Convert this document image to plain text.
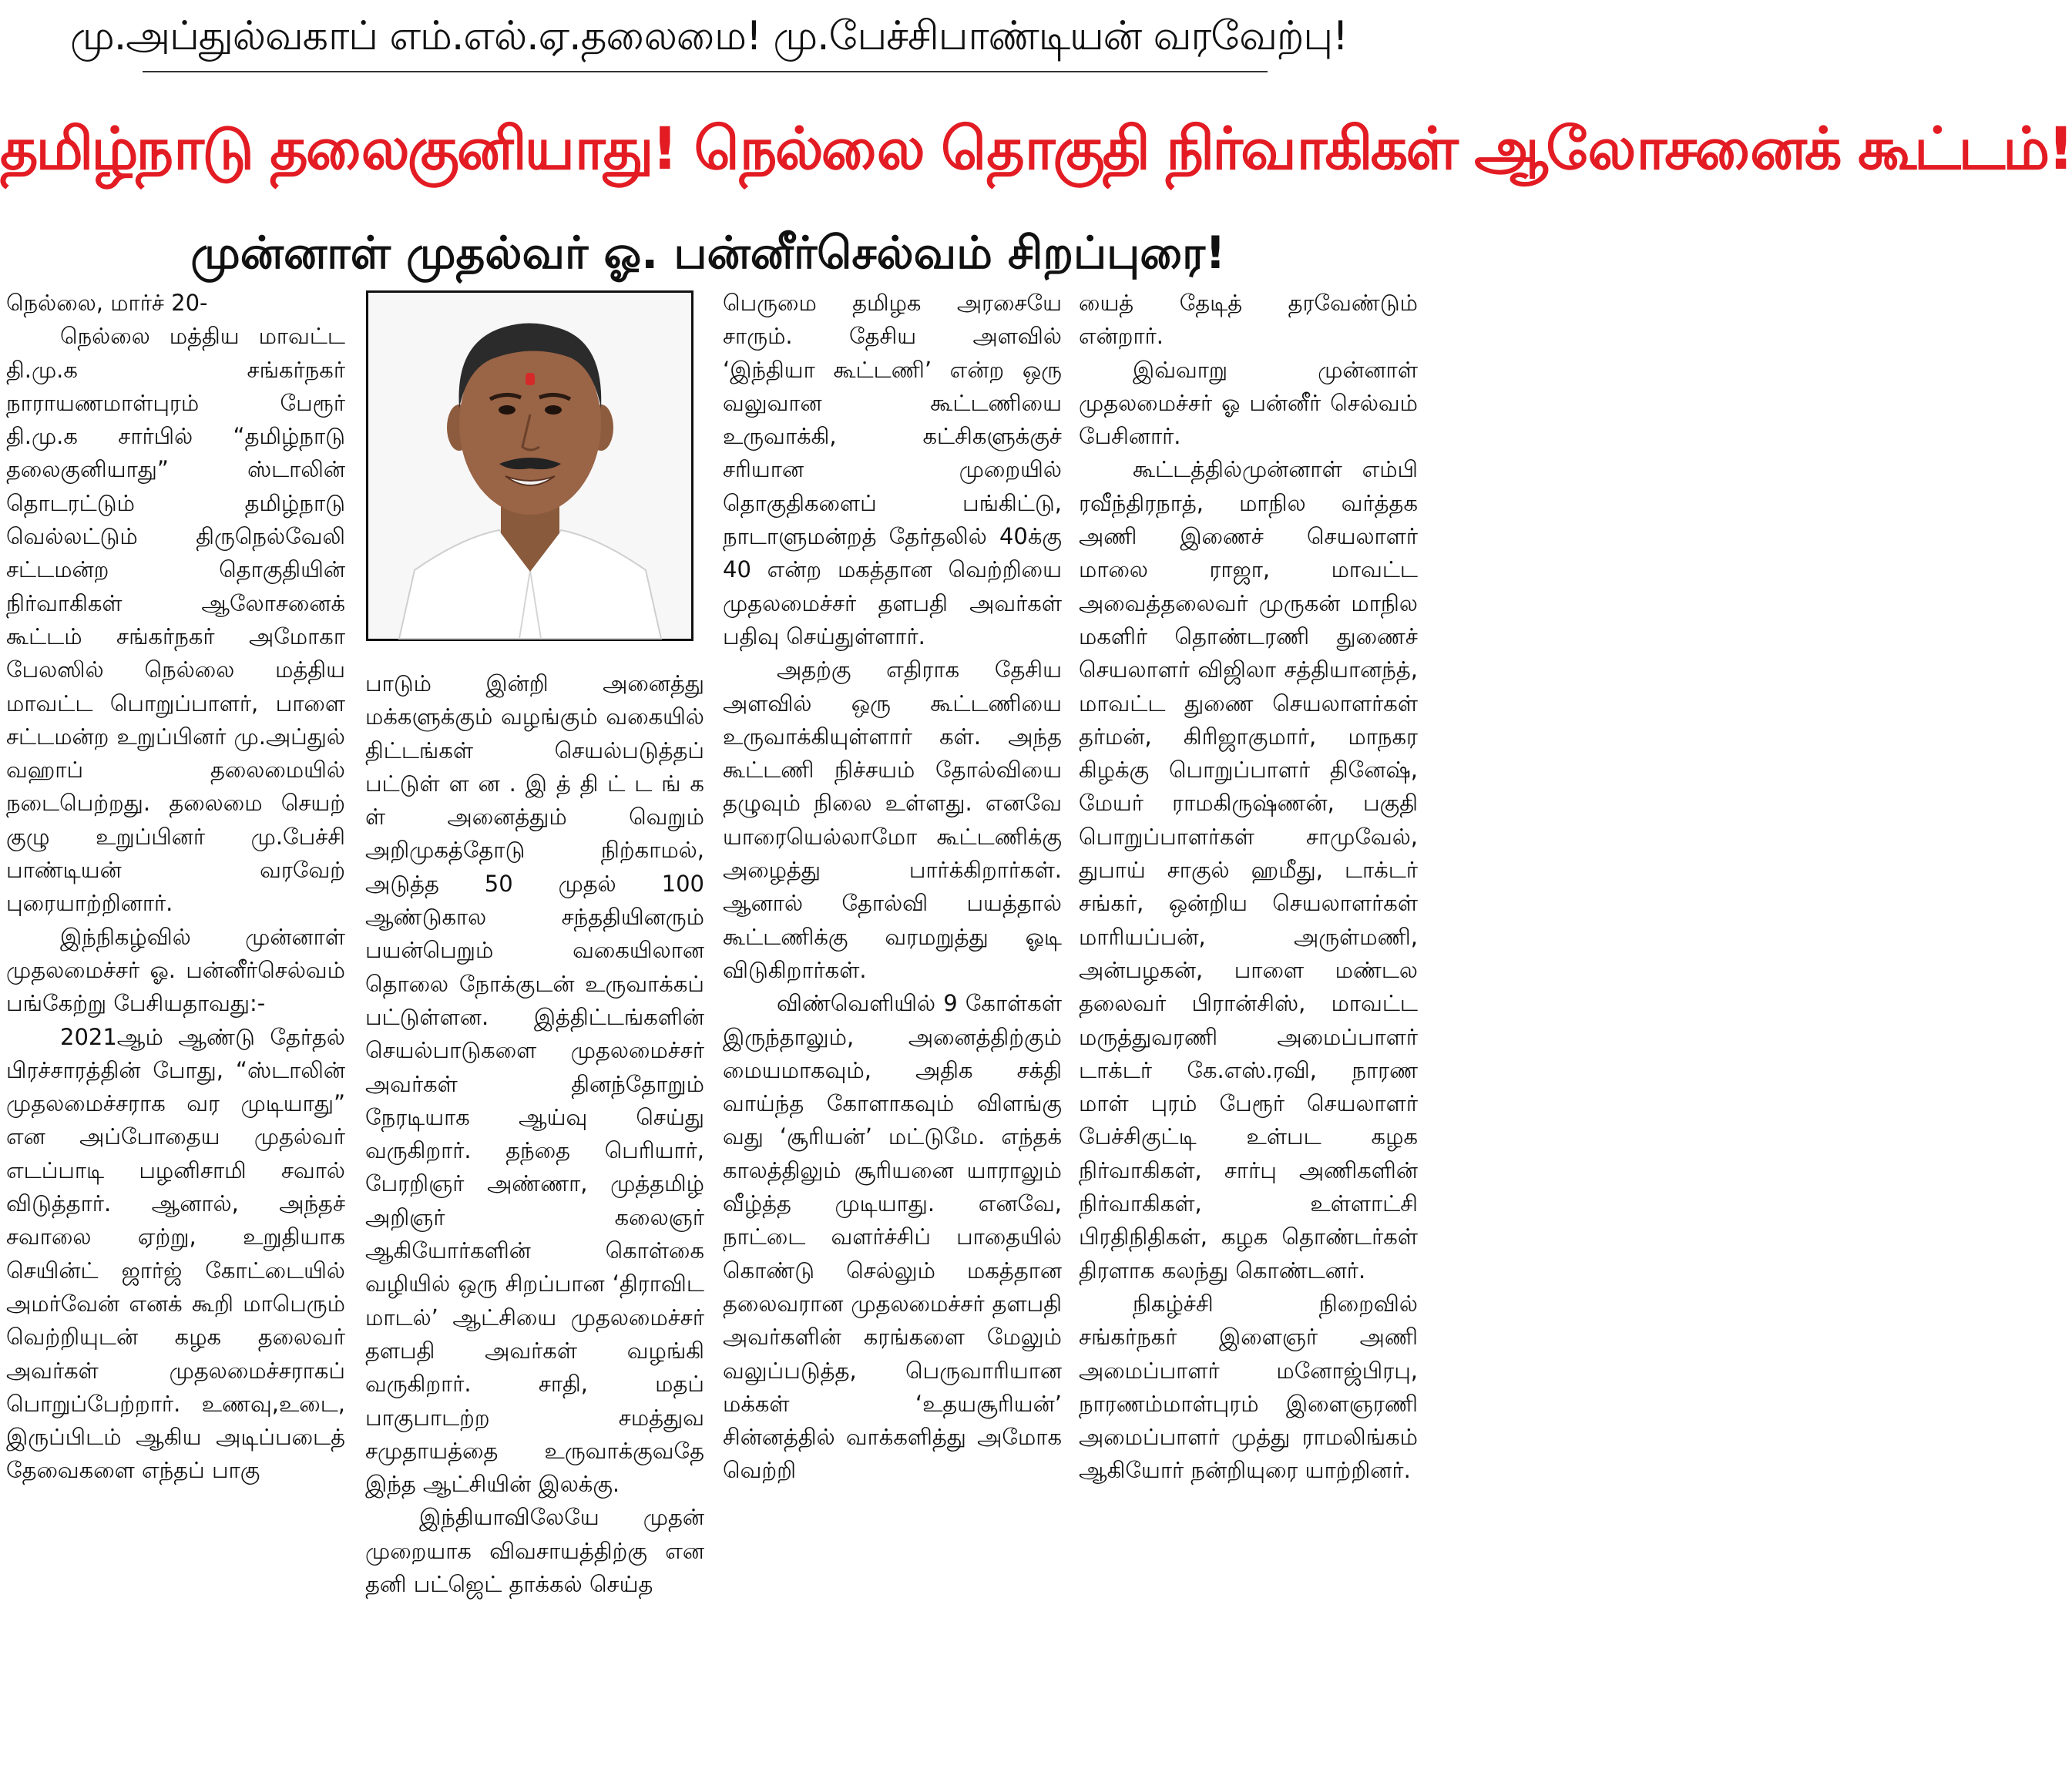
மு.அப்துல்வகாப் எம்.எல்.ஏ.தலைமை! மு.பேச்சிபாண்டியன் வரவேற்பு!
தமிழ்நாடு தலைகுனியாது! நெல்லை தொகுதி நிர்வாகிகள் ஆலோசனைக் கூட்டம்!
முன்னாள் முதல்வர் ஓ. பன்னீர்செல்வம் சிறப்புரை!

நெல்லை, மார்ச் 20-

நெல்லை மத்திய மாவட்ட தி.மு.க சங்கர்நகர் நாராயணமாள்புரம் பேரூர் தி.மு.க சார்பில் “தமிழ்நாடு தலைகுனியாது” ஸ்டாலின் தொடரட்டும் தமிழ்நாடு வெல்லட்டும் திருநெல்வேலி சட்டமன்ற தொகுதியின் நிர்வாகிகள் ஆலோசனைக் கூட்டம் சங்கர்நகர் அமோகா பேலஸில் நெல்லை மத்திய மாவட்ட பொறுப்பாளர், பாளை சட்டமன்ற உறுப்பினர் மு.அப்துல் வஹாப் தலைமையில் நடைபெற்றது. தலைமை செயற் குழு உறுப்பினர் மு.பேச்சி பாண்டியன் வரவேற் புரையாற்றினார்.

இந்நிகழ்வில் முன்னாள் முதலமைச்சர் ஓ. பன்னீர்செல்வம் பங்கேற்று பேசியதாவது:-

2021ஆம் ஆண்டு தேர்தல் பிரச்சாரத்தின் போது, “ஸ்டாலின் முதலமைச்சராக வர முடியாது” என அப்போதைய முதல்வர் எடப்பாடி பழனிசாமி சவால் விடுத்தார். ஆனால், அந்தச் சவாலை ஏற்று, உறுதியாக செயின்ட் ஜார்ஜ் கோட்டையில் அமர்வேன் எனக் கூறி மாபெரும் வெற்றியுடன் கழக தலைவர் அவர்கள் முதலமைச்சராகப் பொறுப்பேற்றார். உணவு,உடை, இருப்பிடம் ஆகிய அடிப்படைத் தேவைகளை எந்தப் பாகு

பாடும் இன்றி அனைத்து மக்களுக்கும் வழங்கும் வகையில் திட்டங்கள் செயல்படுத்தப் பட்டுள் ள ன . இ த் தி ட் ட ங் க ள் அனைத்தும் வெறும் அறிமுகத்தோடு நிற்காமல், அடுத்த 50 முதல் 100 ஆண்டுகால சந்ததியினரும் பயன்பெறும் வகையிலான தொலை நோக்குடன் உருவாக்கப் பட்டுள்ளன. இத்திட்டங்களின் செயல்பாடுகளை முதலமைச்சர் அவர்கள் தினந்தோறும் நேரடியாக ஆய்வு செய்து வருகிறார். தந்தை பெரியார், பேரறிஞர் அண்ணா, முத்தமிழ் அறிஞர் கலைஞர் ஆகியோர்களின் கொள்கை வழியில் ஒரு சிறப்பான ‘திராவிட மாடல்’ ஆட்சியை முதலமைச்சர் தளபதி அவர்கள் வழங்கி வருகிறார். சாதி, மதப் பாகுபாடற்ற சமத்துவ சமுதாயத்தை உருவாக்குவதே இந்த ஆட்சியின் இலக்கு.

இந்தியாவிலேயே முதன் முறையாக விவசாயத்திற்கு என தனி பட்ஜெட் தாக்கல் செய்த

பெருமை தமிழக அரசையே சாரும். தேசிய அளவில் ‘இந்தியா கூட்டணி’ என்ற ஒரு வலுவான கூட்டணியை உருவாக்கி, கட்சிகளுக்குச் சரியான முறையில் தொகுதிகளைப் பங்கிட்டு, நாடாளுமன்றத் தேர்தலில் 40க்கு 40 என்ற மகத்தான வெற்றியை முதலமைச்சர் தளபதி அவர்கள் பதிவு செய்துள்ளார்.

அதற்கு எதிராக தேசிய அளவில் ஒரு கூட்டணியை உருவாக்கியுள்ளார் கள். அந்த கூட்டணி நிச்சயம் தோல்வியை தழுவும் நிலை உள்ளது. எனவே யாரையெல்லாமோ கூட்டணிக்கு அழைத்து பார்க்கிறார்கள். ஆனால் தோல்வி பயத்தால் கூட்டணிக்கு வரமறுத்து ஓடி விடுகிறார்கள்.

விண்வெளியில் 9 கோள்கள் இருந்தாலும், அனைத்திற்கும் மையமாகவும், அதிக சக்தி வாய்ந்த கோளாகவும் விளங்கு வது ‘சூரியன்’ மட்டுமே. எந்தக் காலத்திலும் சூரியனை யாராலும் வீழ்த்த முடியாது. எனவே, நாட்டை வளர்ச்சிப் பாதையில் கொண்டு செல்லும் மகத்தான தலைவரான முதலமைச்சர் தளபதி அவர்களின் கரங்களை மேலும் வலுப்படுத்த, பெருவாரியான மக்கள் ‘உதயசூரியன்’ சின்னத்தில் வாக்களித்து அமோக வெற்றி

யைத் தேடித் தரவேண்டும் என்றார்.

இவ்வாறு முன்னாள் முதலமைச்சர் ஓ பன்னீர் செல்வம் பேசினார்.

கூட்டத்தில்முன்னாள் எம்பி ரவீந்திரநாத், மாநில வர்த்தக அணி இணைச் செயலாளர் மாலை ராஜா, மாவட்ட அவைத்தலைவர் முருகன் மாநில மகளிர் தொண்டரணி துணைச் செயலாளர் விஜிலா சத்தியானந்த், மாவட்ட துணை செயலாளர்கள் தர்மன், கிரிஜாகுமார், மாநகர கிழக்கு பொறுப்பாளர் தினேஷ், மேயர் ராமகிருஷ்ணன், பகுதி பொறுப்பாளர்கள் சாமுவேல், துபாய் சாகுல் ஹமீது, டாக்டர் சங்கர், ஒன்றிய செயலாளர்கள் மாரியப்பன், அருள்மணி, அன்பழகன், பாளை மண்டல தலைவர் பிரான்சிஸ், மாவட்ட மருத்துவரணி அமைப்பாளர் டாக்டர் கே.எஸ்.ரவி, நாரண மாள் புரம் பேரூர் செயலாளர் பேச்சிகுட்டி உள்பட கழக நிர்வாகிகள், சார்பு அணிகளின் நிர்வாகிகள், உள்ளாட்சி பிரதிநிதிகள், கழக தொண்டர்கள் திரளாக கலந்து கொண்டனர்.

நிகழ்ச்சி நிறைவில் சங்கர்நகர் இளைஞர் அணி அமைப்பாளர் மனோஜ்பிரபு, நாரணம்மாள்புரம் இளைஞரணி அமைப்பாளர் முத்து ராமலிங்கம் ஆகியோர் நன்றியுரை யாற்றினர்.
